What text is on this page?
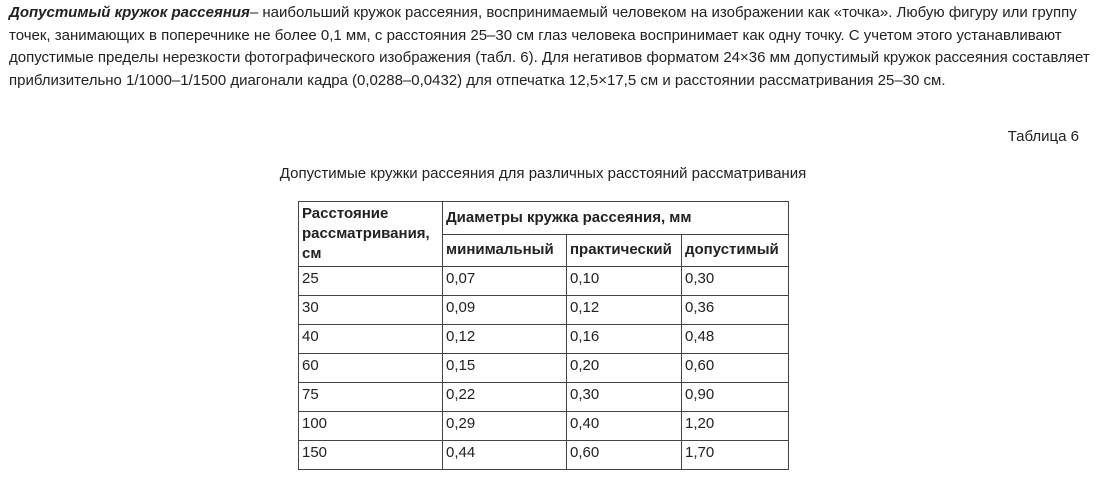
Допустимый кружок рассеяния– наибольший кружок рассеяния, воспринимаемый человеком на изображении как «точка». Любую фигуру или группу точек, занимающих в поперечнике не более 0,1 мм, с расстояния 25–30 см глаз человека воспринимает как одну точку. С учетом этого устанавливают допустимые пределы нерезкости фотографического изображения (табл. 6). Для негативов форматом 24×36 мм допустимый кружок рассеяния составляет приблизительно 1/1000–1/1500 диагонали кадра (0,0288–0,0432) для отпечатка 12,5×17,5 см и расстоянии рассматривания 25–30 см.

Таблица 6
Допустимые кружки рассеяния для различных расстояний рассматривания
Расстояние рассматривания, см	Диаметры кружка рассеяния, мм		
	минимальный	практический	допустимый
25	0,07	0,10	0,30
30	0,09	0,12	0,36
40	0,12	0,16	0,48
60	0,15	0,20	0,60
75	0,22	0,30	0,90
100	0,29	0,40	1,20
150	0,44	0,60	1,70
